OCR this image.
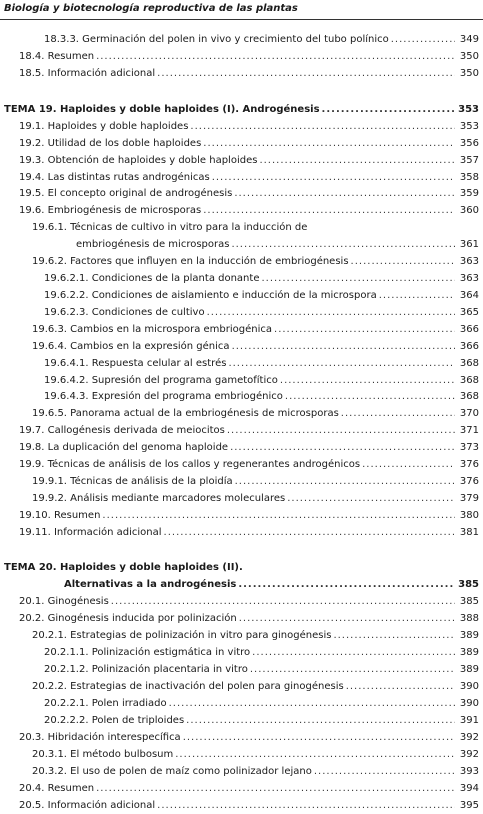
Biología y biotecnología reproductiva de las plantas
18.3.3. Germinación del polen in vivo y crecimiento del tubo polínico .....	349
18.4. Resumen .....	350
18.5. Información adicional .....	350
TEMA 19. Haploides y doble haploides (I). Androgénesis .....	353
19.1. Haploides y doble haploides .....	353
19.2. Utilidad de los doble haploides .....	356
19.3. Obtención de haploides y doble haploides .....	357
19.4. Las distintas rutas androgénicas .....	358
19.5. El concepto original de androgénesis .....	359
19.6. Embriogénesis de microsporas .....	360
19.6.1. Técnicas de cultivo in vitro para la inducción de
embriogénesis de microsporas .....	361
19.6.2. Factores que influyen en la inducción de embriogénesis .....	363
19.6.2.1. Condiciones de la planta donante .....	363
19.6.2.2. Condiciones de aislamiento e inducción de la microspora .....	364
19.6.2.3. Condiciones de cultivo .....	365
19.6.3. Cambios en la microspora embriogénica .....	366
19.6.4. Cambios en la expresión génica .....	366
19.6.4.1. Respuesta celular al estrés .....	368
19.6.4.2. Supresión del programa gametofítico .....	368
19.6.4.3. Expresión del programa embriogénico .....	368
19.6.5. Panorama actual de la embriogénesis de microsporas .....	370
19.7. Callogénesis derivada de meiocitos .....	371
19.8. La duplicación del genoma haploide .....	373
19.9. Técnicas de análisis de los callos y regenerantes androgénicos .....	376
19.9.1. Técnicas de análisis de la ploidía .....	376
19.9.2. Análisis mediante marcadores moleculares .....	379
19.10. Resumen .....	380
19.11. Información adicional .....	381
TEMA 20. Haploides y doble haploides (II).
Alternativas a la androgénesis .....	385
20.1. Ginogénesis .....	385
20.2. Ginogénesis inducida por polinización .....	388
20.2.1. Estrategias de polinización in vitro para ginogénesis .....	389
20.2.1.1. Polinización estigmática in vitro .....	389
20.2.1.2. Polinización placentaria in vitro .....	389
20.2.2. Estrategias de inactivación del polen para ginogénesis .....	390
20.2.2.1. Polen irradiado .....	390
20.2.2.2. Polen de triploides .....	391
20.3. Hibridación interespecífica .....	392
20.3.1. El método bulbosum .....	392
20.3.2. El uso de polen de maíz como polinizador lejano .....	393
20.4. Resumen .....	394
20.5. Información adicional .....	395
